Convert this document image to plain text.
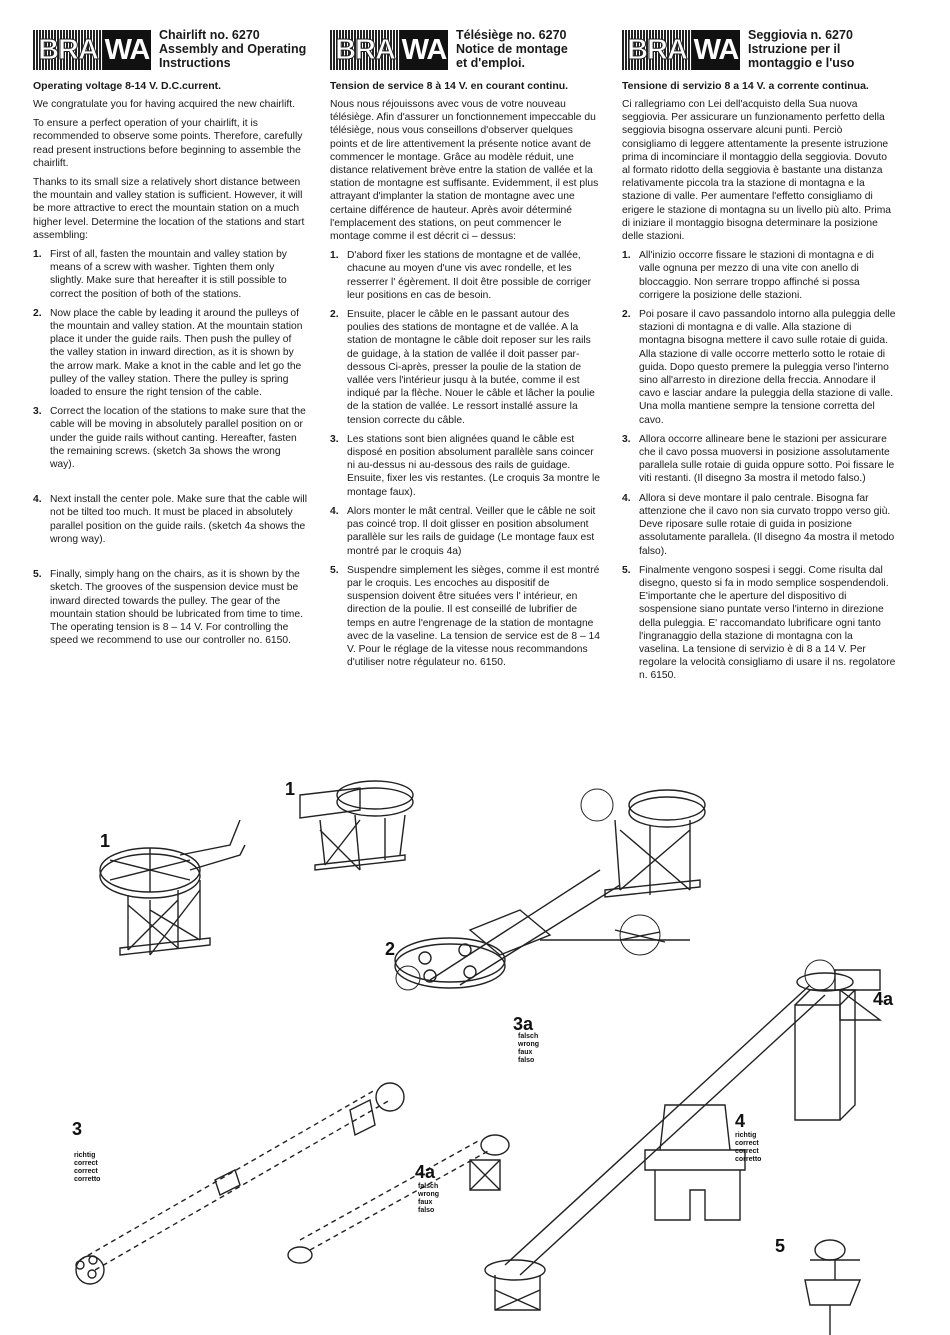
BRA WA Chairlift no. 6270
Assembly and Operating
Instructions
Operating voltage 8-14 V. D.C.current.

We congratulate you for having acquired the new chairlift.

To ensure a perfect operation of your chairlift, it is recommended to observe some points. Therefore, carefully read present instructions before beginning to assemble the chairlift.

Thanks to its small size a relatively short distance between the mountain and valley station is sufficient. However, it will be more attractive to erect the mountain station on a much higher level. Determine the location of the stations and start assembling:

1. First of all, fasten the mountain and valley station by means of a screw with washer. Tighten them only slightly. Make sure that hereafter it is still possible to correct the position of both of the stations.
2. Now place the cable by leading it around the pulleys of the mountain and valley station. At the mountain station place it under the guide rails. Then push the pulley of the valley station in inward direction, as it is shown by the arrow mark. Make a knot in the cable and let go the pulley of the valley station. There the pulley is spring loaded to ensure the right tension of the cable.
3. Correct the location of the stations to make sure that the cable will be moving in absolutely parallel position on or under the guide rails without canting. Hereafter, fasten the remaining screws. (sketch 3a shows the wrong way).
4. Next install the center pole. Make sure that the cable will not be tilted too much. It must be placed in absolutely parallel position on the guide rails. (sketch 4a shows the wrong way).
5. Finally, simply hang on the chairs, as it is shown by the sketch. The grooves of the suspension device must be inward directed towards the pulley. The gear of the mountain station should be lubricated from time to time. The operating tension is 8 – 14 V. For controlling the speed we recommend to use our controller no. 6150.
BRA WA Télésiège no. 6270
Notice de montage
et d'emploi.
Tension de service 8 à 14 V. en courant continu.

Nous nous réjouissons avec vous de votre nouveau télésiège. Afin d'assurer un fonctionnement impeccable du télésiège, nous vous conseillons d'observer quelques points et de lire attentivement la présente notice avant de commencer le montage. Grâce au modèle réduit, une distance relativement brève entre la station de vallée et la station de montagne est suffisante. Evidemment, il est plus attrayant d'implanter la station de montagne avec une certaine différence de hauteur. Après avoir déterminé l'emplacement des stations, on peut commencer le montage comme il est décrit ci – dessus:

1. D'abord fixer les stations de montagne et de vallée, chacune au moyen d'une vis avec rondelle, et les resserrer l' égèrement. Il doit être possible de corriger leur positions en cas de besoin.
2. Ensuite, placer le câble en le passant autour des poulies des stations de montagne et de vallée. A la station de montagne le câble doit reposer sur les rails de guidage, à la station de vallée il doit passer par-dessous Ci-après, presser la poulie de la station de vallée vers l'intérieur jusqu à la butée, comme il est indiqué par la flèche. Nouer le câble et lâcher la poulie de la station de vallée. Le ressort installé assure la tension correcte du câble.
3. Les stations sont bien alignées quand le câble est disposé en position absolument parallèle sans coincer ni au-dessus ni au-dessous des rails de guidage. Ensuite, fixer les vis restantes. (Le croquis 3a montre le montage faux).
4. Alors monter le mât central. Veiller que le câble ne soit pas coincé trop. Il doit glisser en position absolument parallèle sur les rails de guidage (Le montage faux est montré par le croquis 4a)
5. Suspendre simplement les sièges, comme il est montré par le croquis. Les encoches au dispositif de suspension doivent être situées vers l' intérieur, en direction de la poulie. Il est conseillé de lubrifier de temps en autre l'engrenage de la station de montagne avec de la vaseline. La tension de service est de 8 – 14 V. Pour le réglage de la vitesse nous recommandons d'utiliser notre régulateur no. 6150.
BRA WA Seggiovia n. 6270
Istruzione per il
montaggio e l'uso
Tensione di servizio 8 a 14 V. a corrente continua.

Ci rallegriamo con Lei dell'acquisto della Sua nuova seggiovia. Per assicurare un funzionamento perfetto della seggiovia bisogna osservare alcuni punti. Perciò consigliamo di leggere attentamente la presente istruzione prima di incominciare il montaggio della seggiovia. Dovuto al formato ridotto della seggiovia è bastante una distanza relativamente piccola tra la stazione di montagna e la stazione di valle. Per aumentare l'effetto consigliamo di erigere le stazione di montagna su un livello più alto. Prima di iniziare il montaggio bisogna determinare la posizione delle stazioni.

1. All'inizio occorre fissare le stazioni di montagna e di valle ognuna per mezzo di una vite con anello di bloccaggio. Non serrare troppo affinché si possa corrigere la posizione delle stazioni.
2. Poi posare il cavo passandolo intorno alla puleggia delle stazioni di montagna e di valle. Alla stazione di montagna bisogna mettere il cavo sulle rotaie di guida. Alla stazione di valle occorre metterlo sotto le rotaie di guida. Dopo questo premere la puleggia verso l'interno sino all'arresto in direzione della freccia. Annodare il cavo e lasciar andare la puleggia della stazione di valle. Una molla mantiene sempre la tensione corretta del cavo.
3. Allora occorre allineare bene le stazioni per assicurare che il cavo possa muoversi in posizione assolutamente parallela sulle rotaie di guida oppure sotto. Poi fissare le viti restanti. (Il disegno 3a mostra il metodo falso.)
4. Allora si deve montare il palo centrale. Bisogna far attenzione che il cavo non sia curvato troppo verso giù. Deve riposare sulle rotaie di guida in posizione assolutamente parallela. (Il disegno 4a mostra il metodo falso).
5. Finalmente vengono sospesi i seggi. Come risulta dal disegno, questo si fa in modo semplice sospendendoli. E'importante che le aperture del dispositivo di sospensione siano puntate verso l'interno in direzione della puleggia. E' raccomandato lubrificare ogni tanto l'ingranaggio della stazione di montagna con la vaselina. La tensione di servizio è di 8 a 14 V. Per regolare la velocità consigliamo di usare il ns. regolatore n. 6150.
1
1
2
3
3a
4
4a
4a
5
falsch
wrong
faux
falso
falsch
wrong
faux
falso
richtig
correct
correct
corretto
richtig
correct
correct
corretto
